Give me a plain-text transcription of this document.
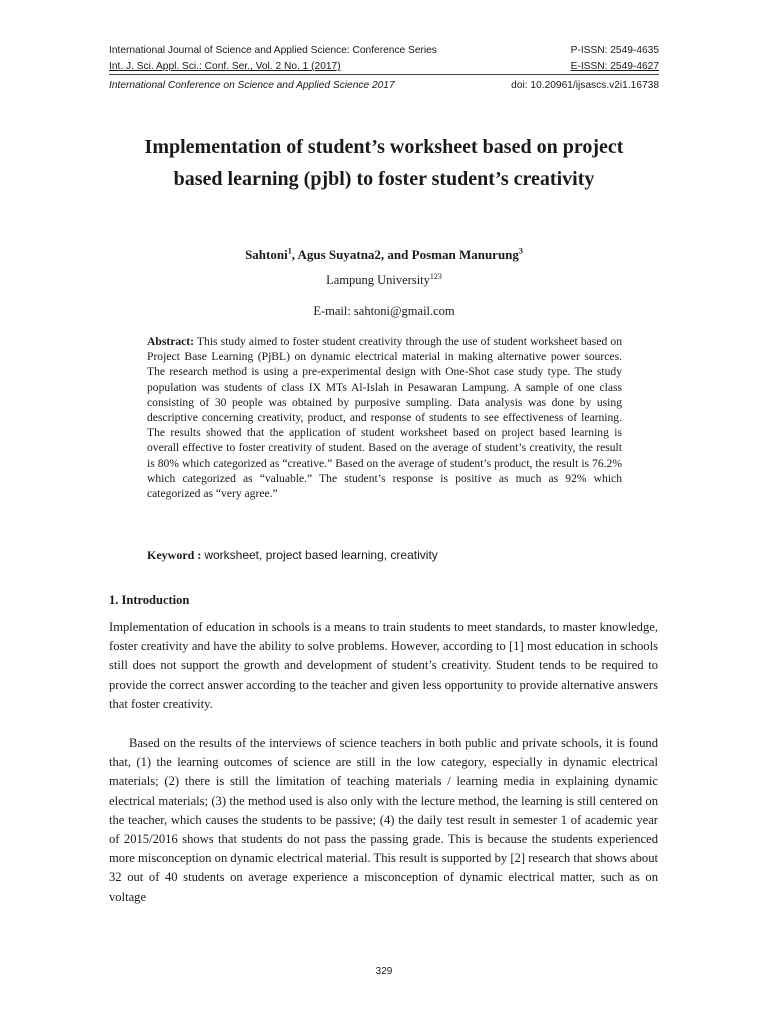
International Journal of Science and Applied Science: Conference Series	P-ISSN: 2549-4635
Int. J. Sci. Appl. Sci.: Conf. Ser., Vol. 2 No. 1 (2017)	E-ISSN: 2549-4627
International Conference on Science and Applied Science 2017	doi: 10.20961/ijsascs.v2i1.16738
Implementation of student’s worksheet based on project based learning (pjbl) to foster student’s creativity
Sahtoni$^1$, Agus Suyatna2, and Posman Manurung$^3$
Lampung University$^{123}$
E-mail: sahtoni@gmail.com
Abstract: This study aimed to foster student creativity through the use of student worksheet based on Project Base Learning (PjBL) on dynamic electrical material in making alternative power sources. The research method is using a pre-experimental design with One-Shot case study type. The study population was students of class IX MTs Al-Islah in Pesawaran Lampung. A sample of one class consisting of 30 people was obtained by purposive sumpling. Data analysis was done by using descriptive concerning creativity, product, and response of students to see effectiveness of learning. The results showed that the application of student worksheet based on project based learning is overall effective to foster creativity of student. Based on the average of student’s creativity, the result is 80% which categorized as “creative.” Based on the average of student’s product, the result is 76.2% which categorized as “valuable.” The student’s response is positive as much as 92% which categorized as “very agree.”
Keyword : worksheet, project based learning, creativity
1. Introduction
Implementation of education in schools is a means to train students to meet standards, to master knowledge, foster creativity and have the ability to solve problems. However, according to [1] most education in schools still does not support the growth and development of student’s creativity. Student tends to be required to provide the correct answer according to the teacher and given less opportunity to provide alternative answers that foster creativity.
Based on the results of the interviews of science teachers in both public and private schools, it is found that, (1) the learning outcomes of science are still in the low category, especially in dynamic electrical materials; (2) there is still the limitation of teaching materials / learning media in explaining dynamic electrical materials; (3) the method used is also only with the lecture method, the learning is still centered on the teacher, which causes the students to be passive; (4) the daily test result in semester 1 of academic year of 2015/2016 shows that students do not pass the passing grade. This is because the students experienced more misconception on dynamic electrical material. This result is supported by [2] research that shows about 32 out of 40 students on average experience a misconception of dynamic electrical matter, such as on voltage
329
